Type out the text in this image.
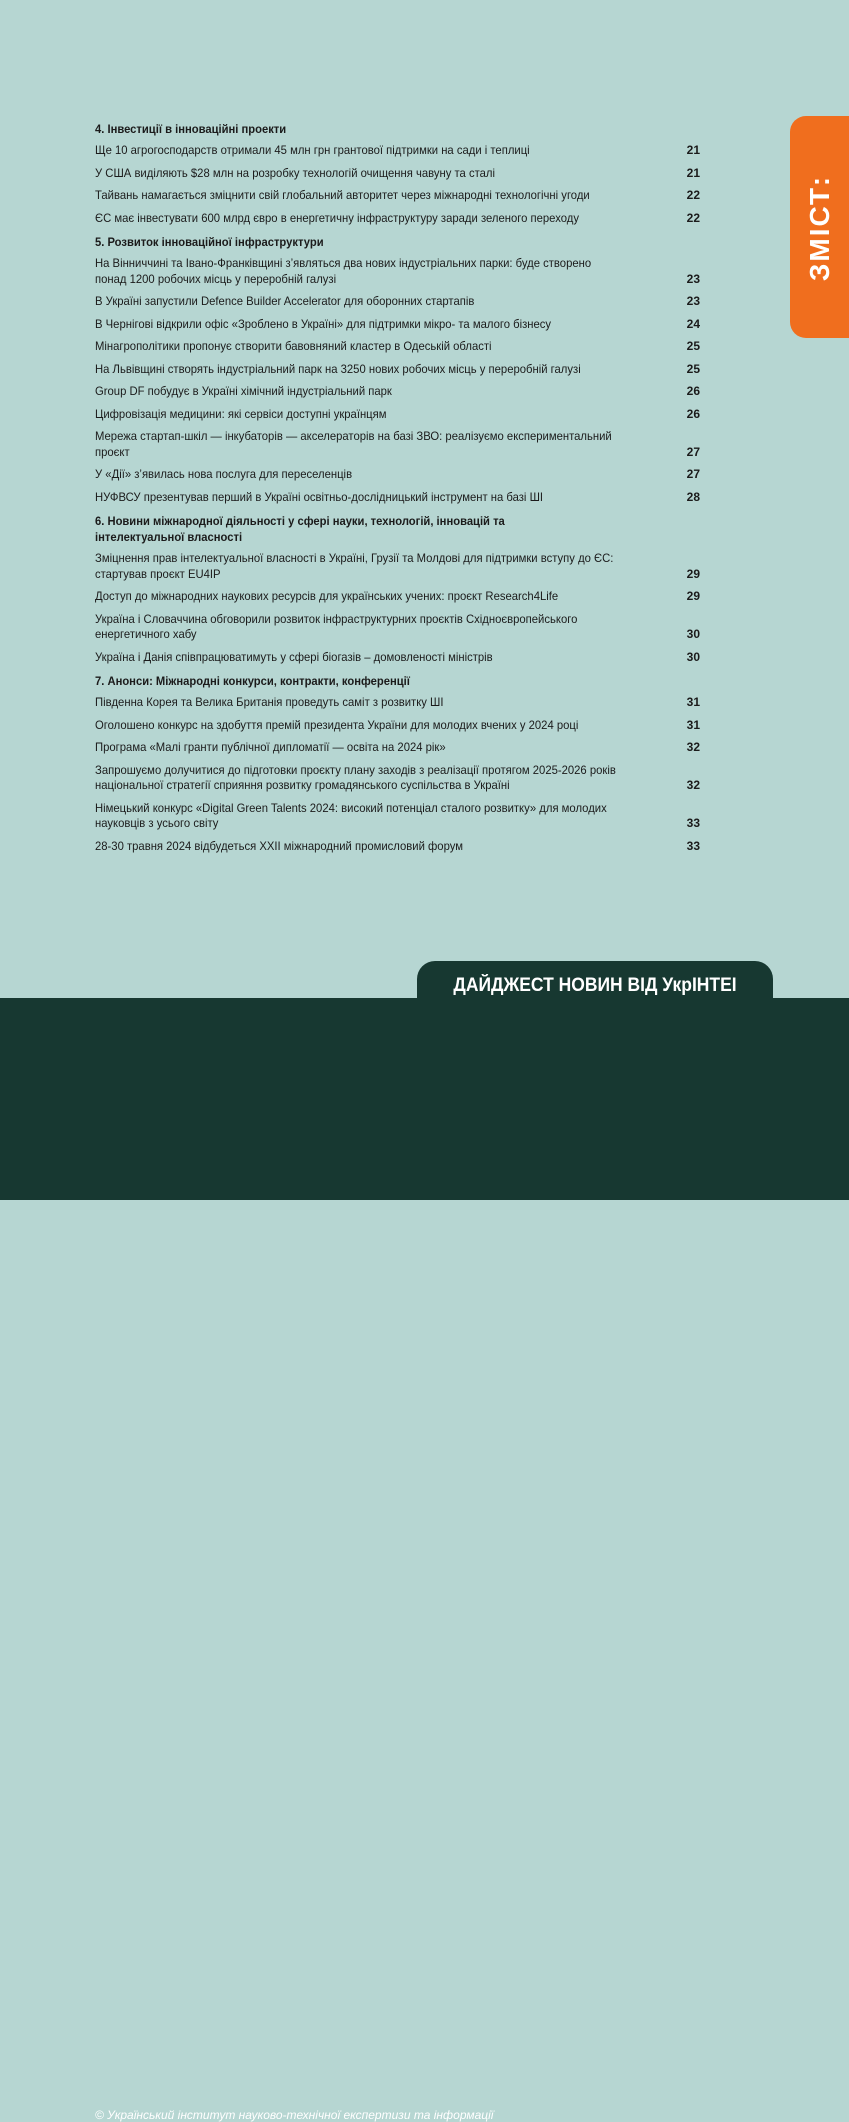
4. Інвестиції в інноваційні проекти
Ще 10 агрогосподарств отримали 45 млн грн грантової підтримки на сади і теплиці	21
У США виділяють $28 млн на розробку технологій очищення чавуну та сталі	21
Тайвань намагається зміцнити свій глобальний авторитет через міжнародні технологічні угоди	22
ЄС має інвестувати 600 млрд євро в енергетичну інфраструктуру заради зеленого переходу	22
5. Розвиток інноваційної інфраструктури
На Вінниччині та Івано-Франківщині з’являться два нових індустріальних парки: буде створено понад 1200 робочих місць у переробній галузі	23
В Україні запустили Defence Builder Accelerator для оборонних стартапів	23
В Чернігові відкрили офіс «Зроблено в Україні» для підтримки мікро- та малого бізнесу	24
Мінагрополітики пропонує створити бавовняний кластер в Одеській області	25
На Львівщині створять індустріальний парк на 3250 нових робочих місць у переробній галузі	25
Group DF побудує в Україні хімічний індустріальний парк	26
Цифровізація медицини: які сервіси доступні українцям	26
Мережа стартап-шкіл — інкубаторів — акселераторів на базі ЗВО: реалізуємо експериментальний проєкт	27
У «Дії» з’явилась нова послуга для переселенців	27
НУФВСУ презентував перший в Україні освітньо-дослідницький інструмент на базі ШІ	28
6. Новини міжнародної діяльності у сфері науки, технологій, інновацій та інтелектуальної власності
Зміцнення прав інтелектуальної власності в Україні, Грузії та Молдові для підтримки вступу до ЄС: стартував проєкт EU4IP	29
Доступ до міжнародних наукових ресурсів для українських учених: проєкт Research4Life	29
Україна і Словаччина обговорили розвиток інфраструктурних проєктів Східноєвропейського енергетичного хабу	30
Україна і Данія співпрацюватимуть у сфері біогазів – домовленості міністрів	30
7. Анонси: Міжнародні конкурси, контракти, конференції
Південна Корея та Велика Британія проведуть саміт з розвитку ШІ	31
Оголошено конкурс на здобуття премій президента України для молодих вчених у 2024 році	31
Програма «Малі гранти публічної дипломатії — освіта на 2024 рік»	32
Запрошуємо долучитися до підготовки проєкту плану заходів з реалізації протягом 2025-2026 років національної стратегії сприяння розвитку громадянського суспільства в Україні	32
Німецький конкурс «Digital Green Talents 2024: високий потенціал сталого розвитку» для молодих науковців з усього світу	33
28-30 травня 2024 відбудеться XXII міжнародний промисловий форум	33
ЗМІСТ:
© Український інститут науково-технічної експертизи та інформації
ДАЙДЖЕСТ НОВИН ВІД УкрІНТЕІ
